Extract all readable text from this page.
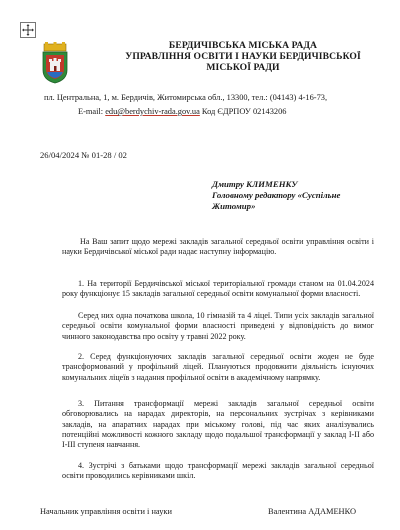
БЕРДИЧІВСЬКА МІСЬКА РАДА
УПРАВЛІННЯ ОСВІТИ І НАУКИ БЕРДИЧІВСЬКОЇ
МІСЬКОЇ РАДИ
пл. Центральна, 1, м. Бердичів, Житомирська обл., 13300, тел.: (04143) 4-16-73,
E-mail: edu@berdychiv-rada.gov.ua Код ЄДРПОУ 02143206
26/04/2024 № 01-28 / 02
Дмитру КЛИМЕНКУ
Головному редактору «Суспільне
Житомир»
На Ваш запит щодо мережі закладів загальної середньої освіти управління освіти і науки Бердичівської міської ради надає наступну інформацію.
1. На території Бердичівської міської територіальної громади станом на 01.04.2024 року функціонує 15 закладів загальної середньої освіти комунальної форми власності.
Серед них одна початкова школа, 10 гімназій та 4 ліцеї. Типи усіх закладів загальної середньої освіти комунальної форми власності приведені у відповідність до вимог чинного законодавства про освіту у травні 2022 року.
2. Серед функціонуючих закладів загальної середньої освіти жоден не буде трансформований у профільний ліцей. Плануються продовжити діяльність існуючих комунальних ліцеїв з надання профільної освіти в академічному напрямку.
3. Питання трансформації мережі закладів загальної середньої освіти обговорювались на нарадах директорів, на персональних зустрічах з керівниками закладів, на апаратних нарадах при міському голові, під час яких аналізувались потенційні можливості кожного закладу щодо подальшої трансформації у заклад І-ІІ або І-ІІІ ступеня навчання.
4. Зустрічі з батьками щодо трансформації мережі закладів загальної середньої освіти проводились керівниками шкіл.
Начальник управління освіти і науки	Валентина АДАМЕНКО
